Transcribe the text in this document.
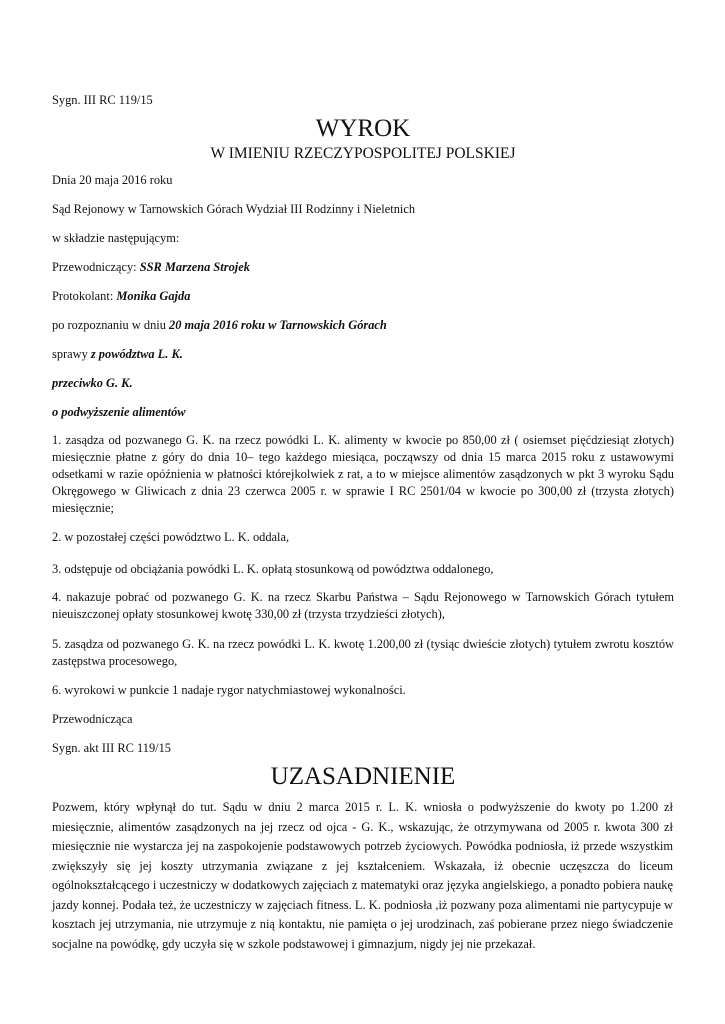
Sygn. III RC 119/15
WYROK
W IMIENIU RZECZYPOSPOLITEJ POLSKIEJ
Dnia 20 maja 2016 roku
Sąd Rejonowy w Tarnowskich Górach Wydział III Rodzinny i Nieletnich
w składzie następującym:
Przewodniczący: SSR Marzena Strojek
Protokolant: Monika Gajda
po rozpoznaniu w dniu 20 maja 2016 roku w Tarnowskich Górach
sprawy z powództwa L. K.
przeciwko G. K.
o podwyższenie alimentów
1. zasądza od pozwanego G. K. na rzecz powódki L. K. alimenty w kwocie po 850,00 zł ( osiemset pięćdziesiąt złotych) miesięcznie płatne z góry do dnia 10– tego każdego miesiąca, począwszy od dnia 15 marca 2015 roku z ustawowymi odsetkami w razie opóźnienia w płatności którejkolwiek z rat, a to w miejsce alimentów zasądzonych w pkt 3 wyroku Sądu Okręgowego w Gliwicach z dnia 23 czerwca 2005 r. w sprawie I RC 2501/04 w kwocie po 300,00 zł (trzysta złotych) miesięcznie;
2. w pozostałej części powództwo L. K. oddala,
3. odstępuje od obciążania powódki L. K. opłatą stosunkową od powództwa oddalonego,
4. nakazuje pobrać od pozwanego G. K. na rzecz Skarbu Państwa – Sądu Rejonowego w Tarnowskich Górach tytułem nieuiszczonej opłaty stosunkowej kwotę 330,00 zł (trzysta trzydzieści złotych),
5. zasądza od pozwanego G. K. na rzecz powódki L. K. kwotę 1.200,00 zł (tysiąc dwieście złotych) tytułem zwrotu kosztów zastępstwa procesowego,
6. wyrokowi w punkcie 1 nadaje rygor natychmiastowej wykonalności.
Przewodnicząca
Sygn. akt III RC 119/15
UZASADNIENIE
Pozwem, który wpłynął do tut. Sądu w dniu 2 marca 2015 r. L. K. wniosła o podwyższenie do kwoty po 1.200 zł miesięcznie, alimentów zasądzonych na jej rzecz od ojca - G. K., wskazując, że otrzymywana od 2005 r. kwota 300 zł miesięcznie nie wystarcza jej na zaspokojenie podstawowych potrzeb życiowych. Powódka podniosła, iż przede wszystkim zwiększyły się jej koszty utrzymania związane z jej kształceniem. Wskazała, iż obecnie uczęszcza do liceum ogólnokształcącego i uczestniczy w dodatkowych zajęciach z matematyki oraz języka angielskiego, a ponadto pobiera naukę jazdy konnej. Podała też, że uczestniczy w zajęciach fitness. L. K. podniosła ,iż pozwany poza alimentami nie partycypuje w kosztach jej utrzymania, nie utrzymuje z nią kontaktu, nie pamięta o jej urodzinach, zaś pobierane przez niego świadczenie socjalne na powódkę, gdy uczyła się w szkole podstawowej i gimnazjum, nigdy jej nie przekazał.
